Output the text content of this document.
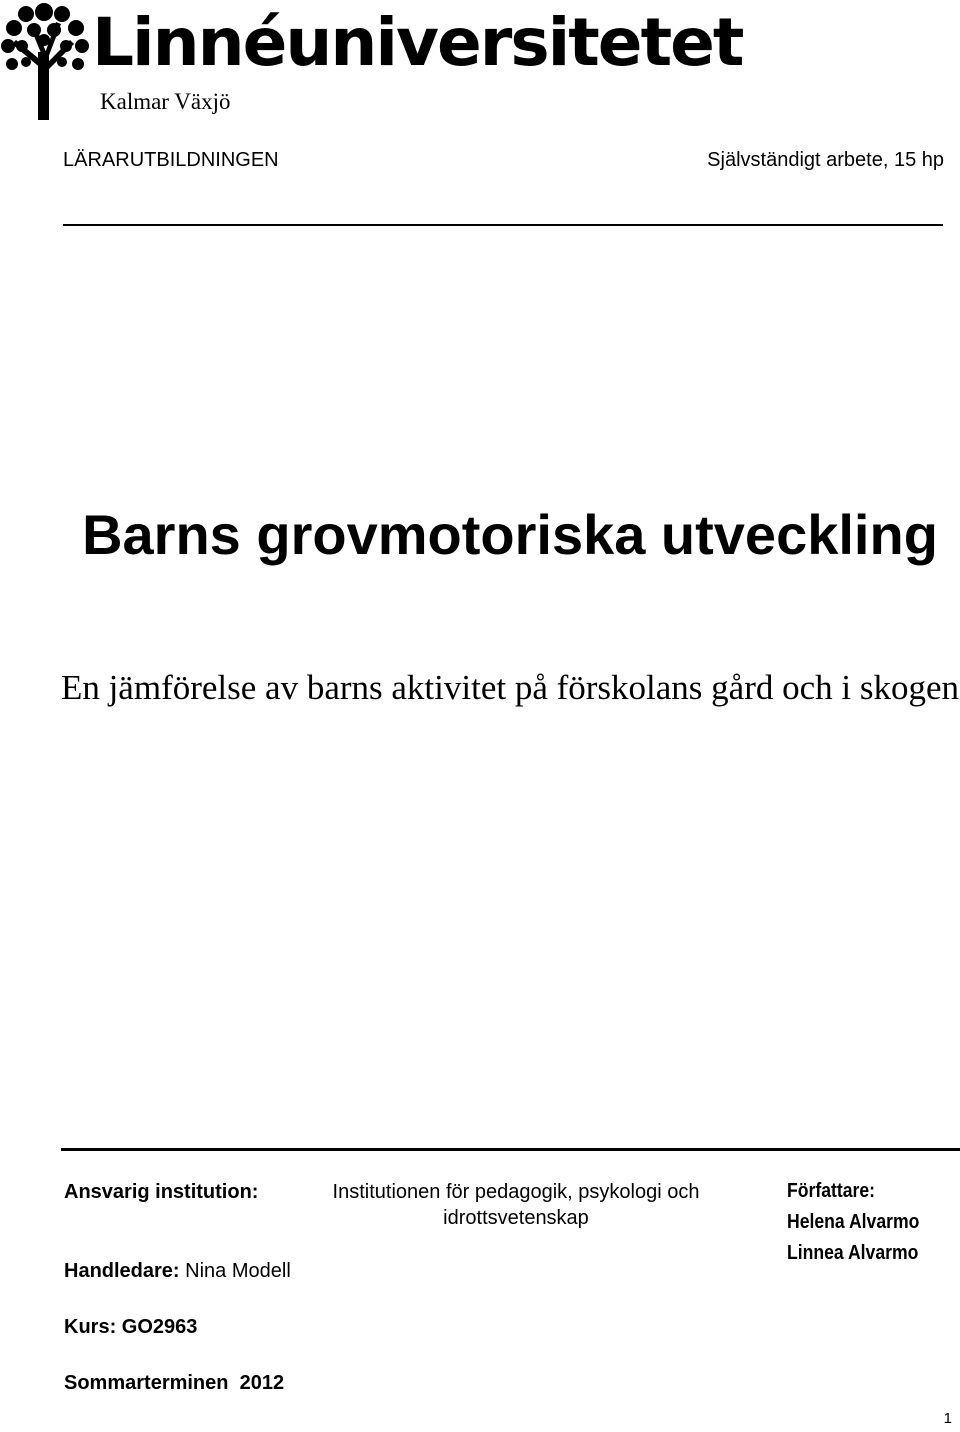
Linnéuniversitetet
Kalmar Växjö
LÄRARUTBILDNINGEN	Självständigt arbete, 15 hp
Barns grovmotoriska utveckling
En jämförelse av barns aktivitet på förskolans gård och i skogen
Ansvarig institution:	Institutionen för pedagogik, psykologi och idrottsvetenskap
Handledare: Nina Modell
Kurs: GO2963
Sommarterminen  2012
Författare:
Helena Alvarmo
Linnea Alvarmo
1
